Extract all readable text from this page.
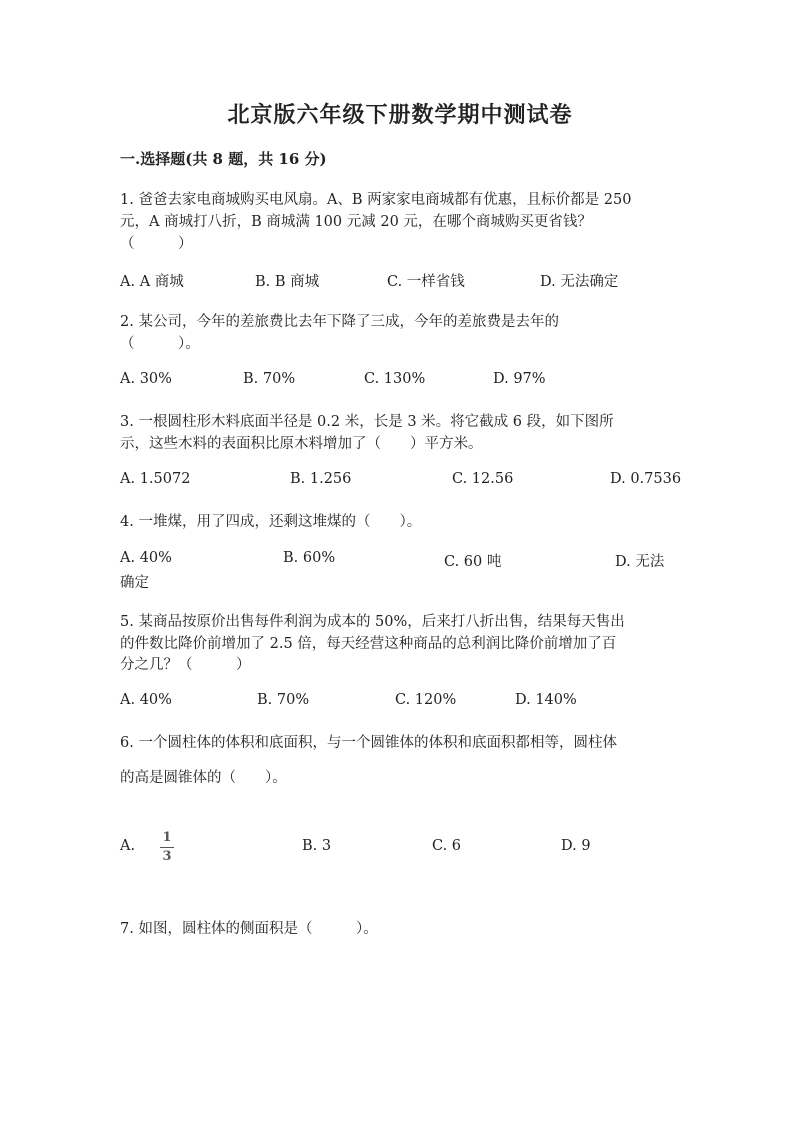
北京版六年级下册数学期中测试卷
一.选择题(共 8 题，共 16 分)
1. 爸爸去家电商城购买电风扇。A、B 两家家电商城都有优惠，且标价都是 250
元，A 商城打八折，B 商城满 100 元减 20 元，在哪个商城购买更省钱？
（　　　）
A. A 商城	B. B 商城	C. 一样省钱	D. 无法确定
2. 某公司，今年的差旅费比去年下降了三成，今年的差旅费是去年的
（　　　）。
A. 30%	B. 70%	C. 130%	D. 97%
3. 一根圆柱形木料底面半径是 0.2 米，长是 3 米。将它截成 6 段，如下图所
示，这些木料的表面积比原木料增加了（　　）平方米。
A. 1.5072	B. 1.256	C. 12.56	D. 0.7536
4. 一堆煤，用了四成，还剩这堆煤的（　　）。
A. 40%	B. 60%	C. 60 吨	D. 无法
确定
5. 某商品按原价出售每件利润为成本的 50%，后来打八折出售，结果每天售出
的件数比降价前增加了 2.5 倍，每天经营这种商品的总利润比降价前增加了百
分之几？（　　　）
A. 40%	B. 70%	C. 120%	D. 140%
6. 一个圆柱体的体积和底面积，与一个圆锥体的体积和底面积都相等，圆柱体
的高是圆锥体的（　　）。
A.
1
3
B. 3	C. 6	D. 9
7. 如图，圆柱体的侧面积是（　　　）。
